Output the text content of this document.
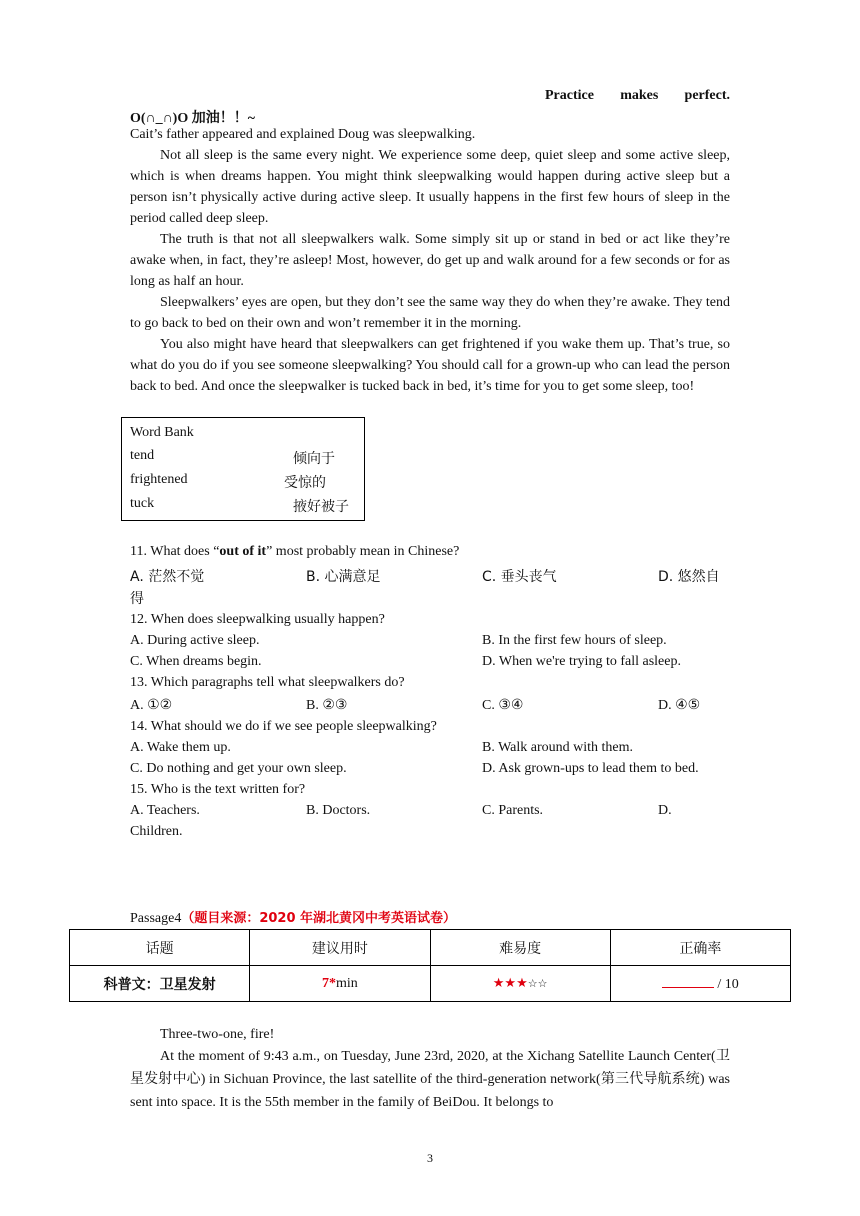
Practice makes perfect.
O(∩_∩)O 加油！！~

Cait’s father appeared and explained Doug was sleepwalking.

Not all sleep is the same every night. We experience some deep, quiet sleep and some active sleep, which is when dreams happen. You might think sleepwalking would happen during active sleep but a person isn’t physically active during active sleep. It usually happens in the first few hours of sleep in the period called deep sleep.

The truth is that not all sleepwalkers walk. Some simply sit up or stand in bed or act like they’re awake when, in fact, they’re asleep! Most, however, do get up and walk around for a few seconds or for as long as half an hour.

Sleepwalkers’ eyes are open, but they don’t see the same way they do when they’re awake. They tend to go back to bed on their own and won’t remember it in the morning.

You also might have heard that sleepwalkers can get frightened if you wake them up. That’s true, so what do you do if you see someone sleepwalking? You should call for a grown-up who can lead the person back to bed. And once the sleepwalker is tucked back in bed, it’s time for you to get some sleep, too!

Word Bank
tend	倾向于
frightened	受惊的
tuck	掖好被子
11. What does “out of it” most probably mean in Chinese?
A. 茫然不觉	B. 心满意足	C. 垂头丧气	D. 悠然自
得
12. When does sleepwalking usually happen?
A. During active sleep.	B. In the first few hours of sleep.
C. When dreams begin.	D. When we're trying to fall asleep.
13. Which paragraphs tell what sleepwalkers do?
A. ①②	B. ②③	C. ③④	D. ④⑤
14. What should we do if we see people sleepwalking?
A. Wake them up.	B. Walk around with them.
C. Do nothing and get your own sleep.	D. Ask grown-ups to lead them to bed.
15. Who is the text written for?
A. Teachers.	B. Doctors.	C. Parents.	D.
Children.
Passage4（题目来源：2020 年湖北黄冈中考英语试卷）
话题	建议用时	难易度	正确率
科普文：卫星发射	7*min	★★★☆☆	/ 10

Three-two-one, fire!

At the moment of 9:43 a.m., on Tuesday, June 23rd, 2020, at the Xichang Satellite Launch Center(卫星发射中心) in Sichuan Province, the last satellite of the third-generation network(第三代导航系统) was sent into space. It is the 55th member in the family of BeiDou. It belongs to

3
